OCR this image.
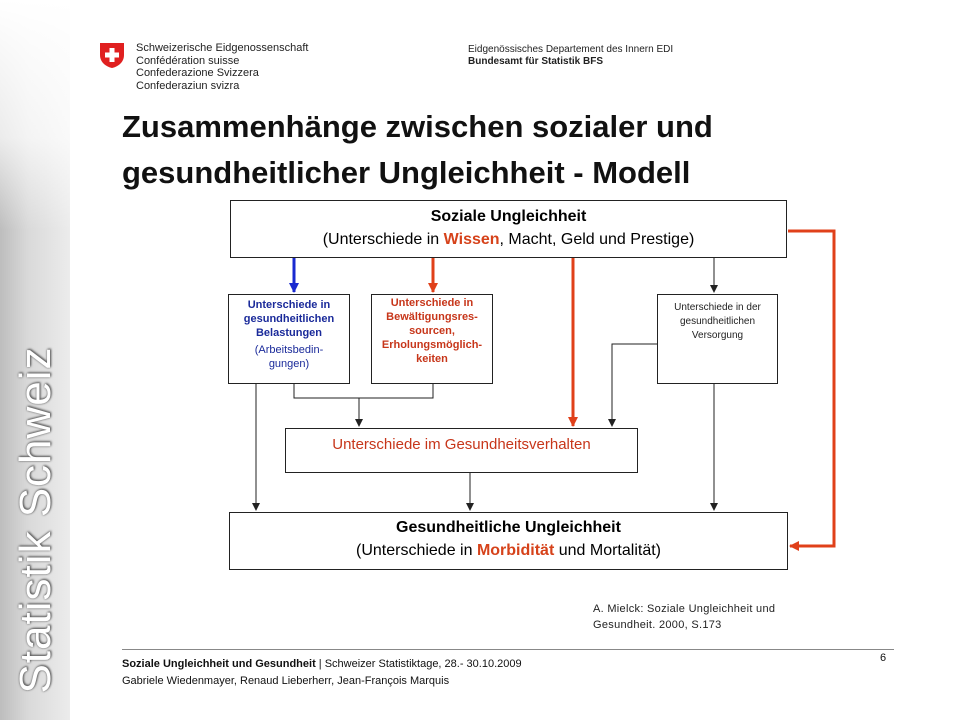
Statistik Schweiz
Schweizerische Eidgenossenschaft
Confédération suisse
Confederazione Svizzera
Confederaziun svizra
Eidgenössisches Departement des Innern EDI
Bundesamt für Statistik BFS
Zusammenhänge zwischen sozialer und
gesundheitlicher Ungleichheit - Modell
Soziale Ungleichheit
(Unterschiede in Wissen, Macht, Geld und Prestige)
Unterschiede in
gesundheitlichen
Belastungen
(Arbeitsbedin-
gungen)
Unterschiede in
Bewältigungsres-
sourcen,
Erholungsmöglich-
keiten
Unterschiede in der
gesundheitlichen
Versorgung
Unterschiede im Gesundheitsverhalten
Gesundheitliche Ungleichheit
(Unterschiede in Morbidität und Mortalität)
A. Mielck: Soziale Ungleichheit und
Gesundheit. 2000, S.173
Soziale Ungleichheit und Gesundheit | Schweizer Statistiktage, 28.- 30.10.2009
Gabriele Wiedenmayer, Renaud Lieberherr, Jean-François Marquis
6
